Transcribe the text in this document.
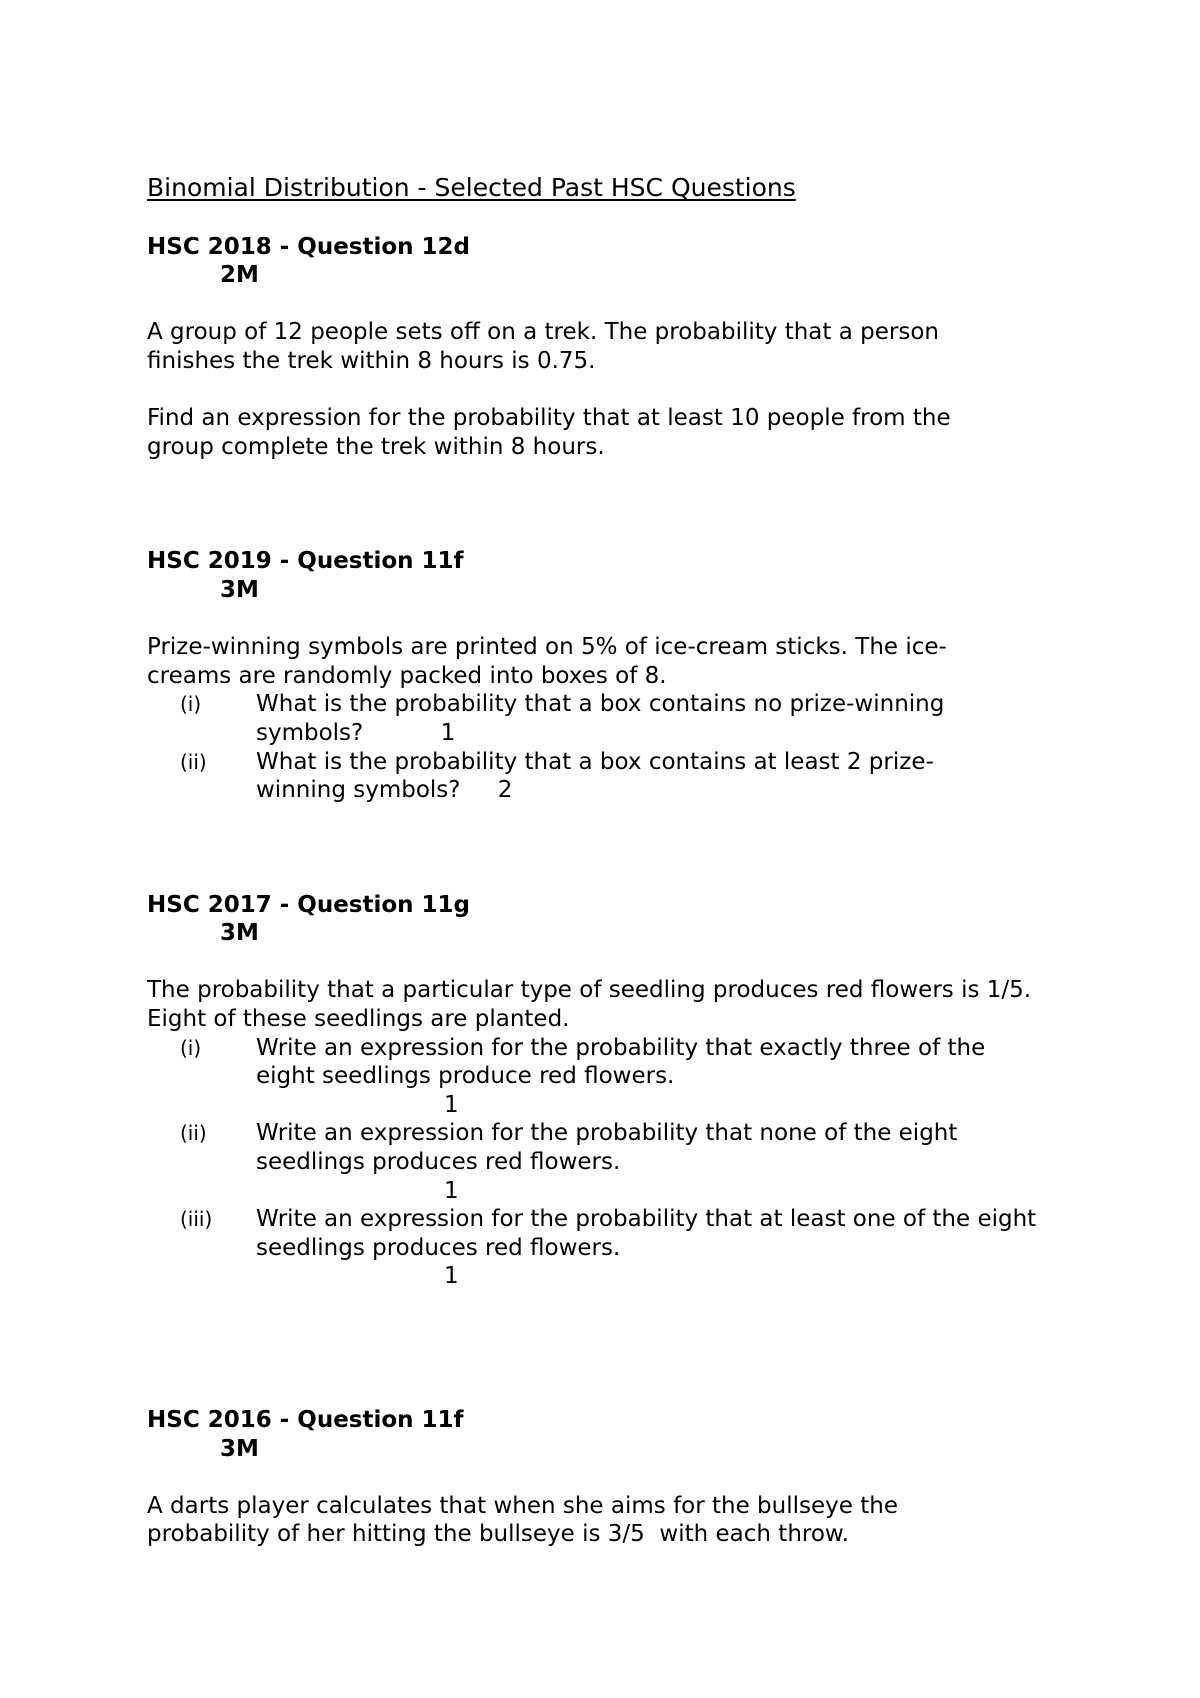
Binomial Distribution - Selected Past HSC Questions
HSC 2018 - Question 12d
2M

A group of 12 people sets off on a trek. The probability that a person finishes the trek within 8 hours is 0.75.

Find an expression for the probability that at least 10 people from the group complete the trek within 8 hours.

HSC 2019 - Question 11f
3M

Prize-winning symbols are printed on 5% of ice-cream sticks. The ice-creams are randomly packed into boxes of 8.

(i) What is the probability that a box contains no prize-winning symbols?	1
(ii) What is the probability that a box contains at least 2 prize-winning symbols? 2
HSC 2017 - Question 11g
3M

The probability that a particular type of seedling produces red flowers is 1/5.

Eight of these seedlings are planted.

(i) Write an expression for the probability that exactly three of the eight seedlings produce red flowers.
1
(ii) Write an expression for the probability that none of the eight seedlings produces red flowers.
1
(iii) Write an expression for the probability that at least one of the eight seedlings produces red flowers.
1
HSC 2016 - Question 11f
3M

A darts player calculates that when she aims for the bullseye the probability of her hitting the bullseye is 3/5  with each throw.
